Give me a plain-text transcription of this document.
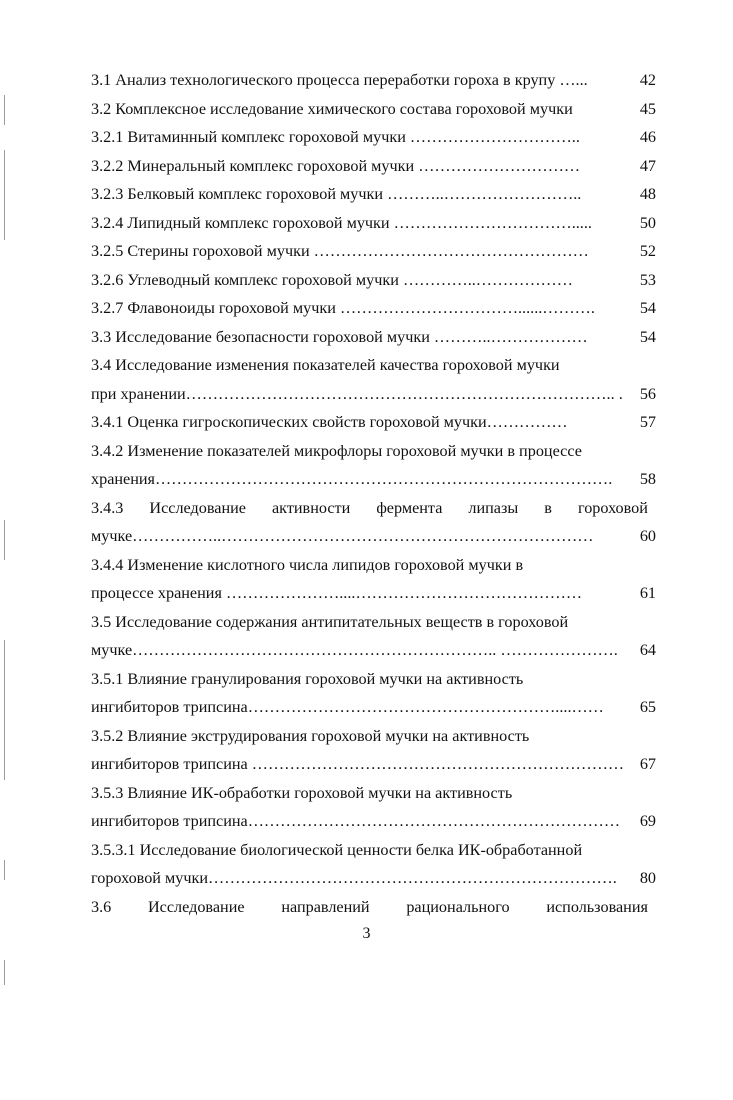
3.1 Анализ технологического процесса переработки гороха в крупу …...	42
3.2 Комплексное исследование химического состава гороховой мучки	45
3.2.1 Витаминный комплекс гороховой мучки …………………………..	46
3.2.2 Минеральный комплекс гороховой мучки …………………………	47
3.2.3 Белковый комплекс гороховой мучки ………..……………………..	48
3.2.4 Липидный комплекс гороховой мучки …………………………….....	50
3.2.5 Стерины гороховой мучки ……………………………………………	52
3.2.6 Углеводный комплекс гороховой мучки …………..………………	53
3.2.7 Флавоноиды гороховой мучки ……………………………......……….	54
3.3 Исследование безопасности гороховой мучки ………..………………	54
3.4 Исследование изменения показателей качества гороховой мучки
при хранении…………………………………………………………………….. . 56
3.4.1 Оценка гигроскопических свойств гороховой мучки……………	57
3.4.2 Изменение показателей микрофлоры гороховой мучки в процессе
хранения…………………………………………………………………………. 58
3.4.3 Исследование активности фермента липазы в гороховой
мучке……………..……………………………………………………………	60
3.4.4 Изменение кислотного числа липидов гороховой мучки в
процессе хранения …………………....……………………………………	61
3.5 Исследование содержания антипитательных веществ в гороховой
мучке………………………………………………………….. …………………. 64
3.5.1 Влияние гранулирования гороховой мучки на активность
ингибиторов трипсина…………………………………………………....…… 65
3.5.2 Влияние экструдирования гороховой мучки на активность
ингибиторов трипсина …………………………………………………………… 67
3.5.3 Влияние ИК-обработки гороховой мучки на активность
ингибиторов трипсина…………………………………………………………… 69
3.5.3.1 Исследование биологической ценности белка ИК-обработанной
гороховой мучки…………………………………………………………………. 80
3.6 Исследование направлений рационального использования
3
